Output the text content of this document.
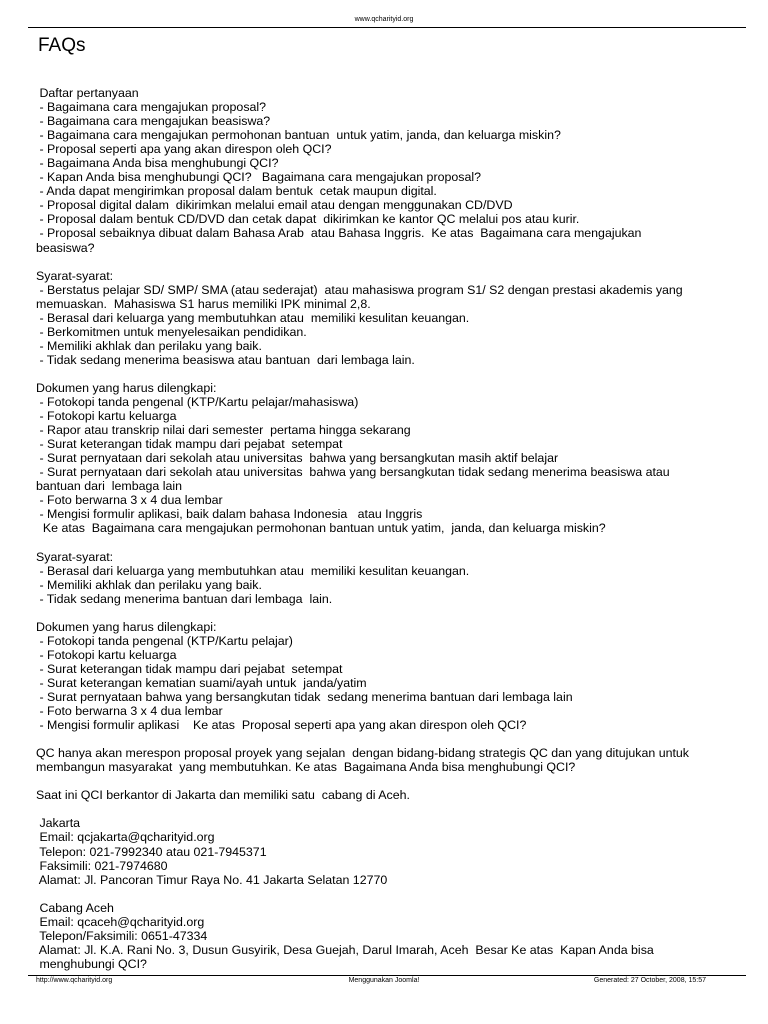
www.qcharityid.org
FAQs
Daftar pertanyaan
- Bagaimana cara mengajukan proposal?
- Bagaimana cara mengajukan beasiswa?
- Bagaimana cara mengajukan permohonan bantuan  untuk yatim, janda, dan keluarga miskin?
- Proposal seperti apa yang akan direspon oleh QCI?
- Bagaimana Anda bisa menghubungi QCI?
- Kapan Anda bisa menghubungi QCI?   Bagaimana cara mengajukan proposal?
- Anda dapat mengirimkan proposal dalam bentuk  cetak maupun digital.
- Proposal digital dalam  dikirimkan melalui email atau dengan menggunakan CD/DVD
- Proposal dalam bentuk CD/DVD dan cetak dapat  dikirimkan ke kantor QC melalui pos atau kurir.
- Proposal sebaiknya dibuat dalam Bahasa Arab  atau Bahasa Inggris.  Ke atas  Bagaimana cara mengajukan
beasiswa?
Syarat-syarat:
- Berstatus pelajar SD/ SMP/ SMA (atau sederajat)  atau mahasiswa program S1/ S2 dengan prestasi akademis yang
memuaskan.  Mahasiswa S1 harus memiliki IPK minimal 2,8.
- Berasal dari keluarga yang membutuhkan atau  memiliki kesulitan keuangan.
- Berkomitmen untuk menyelesaikan pendidikan.
- Memiliki akhlak dan perilaku yang baik.
- Tidak sedang menerima beasiswa atau bantuan  dari lembaga lain.
Dokumen yang harus dilengkapi:
- Fotokopi tanda pengenal (KTP/Kartu pelajar/mahasiswa)
- Fotokopi kartu keluarga
- Rapor atau transkrip nilai dari semester  pertama hingga sekarang
- Surat keterangan tidak mampu dari pejabat  setempat
- Surat pernyataan dari sekolah atau universitas  bahwa yang bersangkutan masih aktif belajar
- Surat pernyataan dari sekolah atau universitas  bahwa yang bersangkutan tidak sedang menerima beasiswa atau
bantuan dari  lembaga lain
- Foto berwarna 3 x 4 dua lembar
- Mengisi formulir aplikasi, baik dalam bahasa Indonesia   atau Inggris
Ke atas  Bagaimana cara mengajukan permohonan bantuan untuk yatim,  janda, dan keluarga miskin?
Syarat-syarat:
- Berasal dari keluarga yang membutuhkan atau  memiliki kesulitan keuangan.
- Memiliki akhlak dan perilaku yang baik.
- Tidak sedang menerima bantuan dari lembaga  lain.
Dokumen yang harus dilengkapi:
- Fotokopi tanda pengenal (KTP/Kartu pelajar)
- Fotokopi kartu keluarga
- Surat keterangan tidak mampu dari pejabat  setempat
- Surat keterangan kematian suami/ayah untuk  janda/yatim
- Surat pernyataan bahwa yang bersangkutan tidak  sedang menerima bantuan dari lembaga lain
- Foto berwarna 3 x 4 dua lembar
- Mengisi formulir aplikasi    Ke atas  Proposal seperti apa yang akan direspon oleh QCI?
QC hanya akan merespon proposal proyek yang sejalan  dengan bidang-bidang strategis QC dan yang ditujukan untuk
membangun masyarakat  yang membutuhkan. Ke atas  Bagaimana Anda bisa menghubungi QCI?
Saat ini QCI berkantor di Jakarta dan memiliki satu  cabang di Aceh.
Jakarta
Email: qcjakarta@qcharityid.org
Telepon: 021-7992340 atau 021-7945371
Faksimili: 021-7974680
Alamat: Jl. Pancoran Timur Raya No. 41 Jakarta Selatan 12770
Cabang Aceh
Email: qcaceh@qcharityid.org
Telepon/Faksimili: 0651-47334
Alamat: Jl. K.A. Rani No. 3, Dusun Gusyirik, Desa Guejah, Darul Imarah, Aceh  Besar Ke atas  Kapan Anda bisa
menghubungi QCI?
http://www.qcharityid.org	Menggunakan Joomla!	Generated: 27 October, 2008, 15:57
